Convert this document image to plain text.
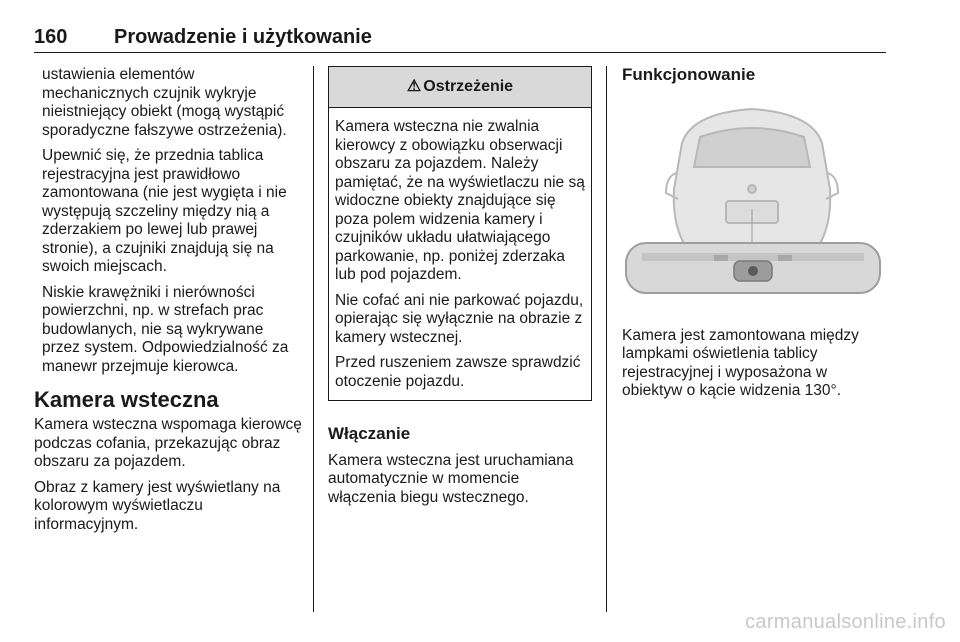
160 Prowadzenie i użytkowanie

ustawienia elementów mechanicznych czujnik wykryje nieistniejący obiekt (mogą wystąpić sporadyczne fałszywe ostrzeżenia).

Upewnić się, że przednia tablica rejestracyjna jest prawidłowo zamontowana (nie jest wygięta i nie występują szczeliny między nią a zderzakiem po lewej lub prawej stronie), a czujniki znajdują się na swoich miejscach.

Niskie krawężniki i nierówności powierzchni, np. w strefach prac budowlanych, nie są wykrywane przez system. Odpowiedzialność za manewr przejmuje kierowca.

Kamera wsteczna

Kamera wsteczna wspomaga kierowcę podczas cofania, przekazując obraz obszaru za pojazdem.

Obraz z kamery jest wyświetlany na kolorowym wyświetlaczu informacyjnym.

⚠ Ostrzeżenie

Kamera wsteczna nie zwalnia kierowcy z obowiązku obserwacji obszaru za pojazdem. Należy pamiętać, że na wyświetlaczu nie są widoczne obiekty znajdujące się poza polem widzenia kamery i czujników układu ułatwiającego parkowanie, np. poniżej zderzaka lub pod pojazdem.

Nie cofać ani nie parkować pojazdu, opierając się wyłącznie na obrazie z kamery wstecznej.

Przed ruszeniem zawsze sprawdzić otoczenie pojazdu.

Włączanie

Kamera wsteczna jest uruchamiana automatycznie w momencie włączenia biegu wstecznego.

Funkcjonowanie

Kamera jest zamontowana między lampkami oświetlenia tablicy rejestracyjnej i wyposażona w obiektyw o kącie widzenia 130°.

carmanualsonline.info
